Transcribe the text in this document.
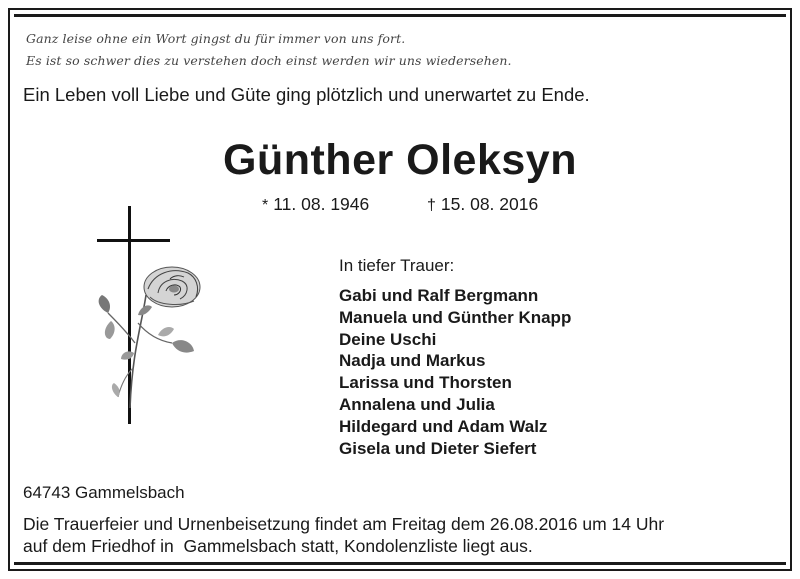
Ganz leise ohne ein Wort gingst du für immer von uns fort.
Es ist so schwer dies zu verstehen doch einst werden wir uns wiedersehen.
Ein Leben voll Liebe und Güte ging plötzlich und unerwartet zu Ende.
Günther Oleksyn
* 11. 08. 1946	† 15. 08. 2016
In tiefer Trauer:
Gabi und Ralf Bergmann
Manuela und Günther Knapp
Deine Uschi
Nadja und Markus
Larissa und Thorsten
Annalena und Julia
Hildegard und Adam Walz
Gisela und Dieter Siefert
64743 Gammelsbach
Die Trauerfeier und Urnenbeisetzung findet am Freitag dem 26.08.2016 um 14 Uhr
auf dem Friedhof in  Gammelsbach statt, Kondolenzliste liegt aus.
